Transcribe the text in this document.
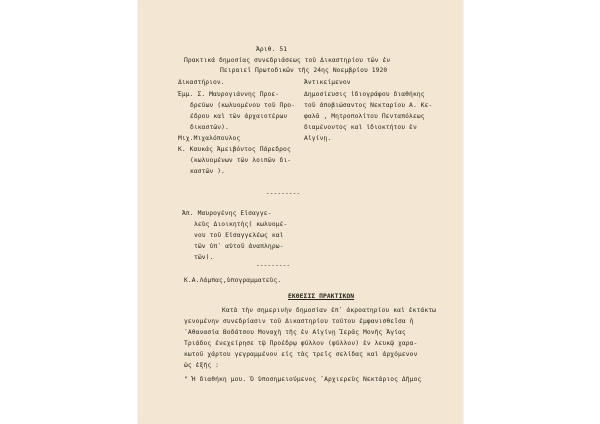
Άριθ. 51
Πρακτικά δημοσίας συνεδριάσεως τοῦ Δικαστηρίου τῶν ἐν
Πειραιεῖ Πρωτοδικῶν τῆς 24ης Νοεμβρίου 1920
Δικαστήριον.	Ἀντικείμενον
Ἐμμ. Σ. Μαυρογιάννης Προε-
δρεύων (κωλυομένου τοῦ Προ-
έδρου καὶ τῶν ἀρχαιοτέρων
δικαστῶν).
Μιχ.Μιχαλόπουλος
Κ. Καυκάς Ἀμειβόντος Πάρεδρος
(κωλυομένων τῶν λοιπῶν δι-
καστῶν ).
Δημοσίευσις ἰδιογράφου διαθήκης
τοῦ ἀποβιώσαντος Νεκταρίου Α. Κε-
φαλᾶ , Μητροπολίτου Πενταπόλεως
διαμένοντος καὶ ἰδιοκτήτου ἐν
Αἰγίνῃ.
---------
Ἀπ. Μαυρογένης Εἰσαγγε-
λεὺς Διοικητὴς( κωλυομέ-
νου τοῦ Εἰσαγγελέως καὶ
τῶν ὑπ᾿ αὐτοῦ ἀναπληρω-
τῶν).
---------
Κ.Α.Λάμπας,ὑπογραμματεὺς.
ΕΚΘΕΣΙΣ ΠΡΑΚΤΙΚΩΝ
Κατὰ τὴν σημερινὴν δημοσίαν ἐπ᾿ ἀκροατηρίου καὶ ἐκτάκτω
γενομένην συνεδρίασιν τοῦ Δικαστηρίου τούτου ἐμφανισθεῖσα ἡ
᾿Αθανασία Βοδάτσου Μοναχὴ τῆς ἐν Αἰγίνῃ Ἱερᾶς Μονῆς Ἁγίας
Τριάδος ἐνεχείρησε τῷ Προέδρῳ φύλλον (φύλλον) ἐν λευκῷ χαρα-
κωτοῦ χάρτου γεγραμμένον εἰς τὰς τρεῖς σελίδας καὶ ἀρχόμενον
ὡς ἑξῆς :
" Ἡ διαθήκη μου. Ὁ ὑποσημειούμενος ᾿Αρχιερεὺς Νεκτάριος Δῆμος
